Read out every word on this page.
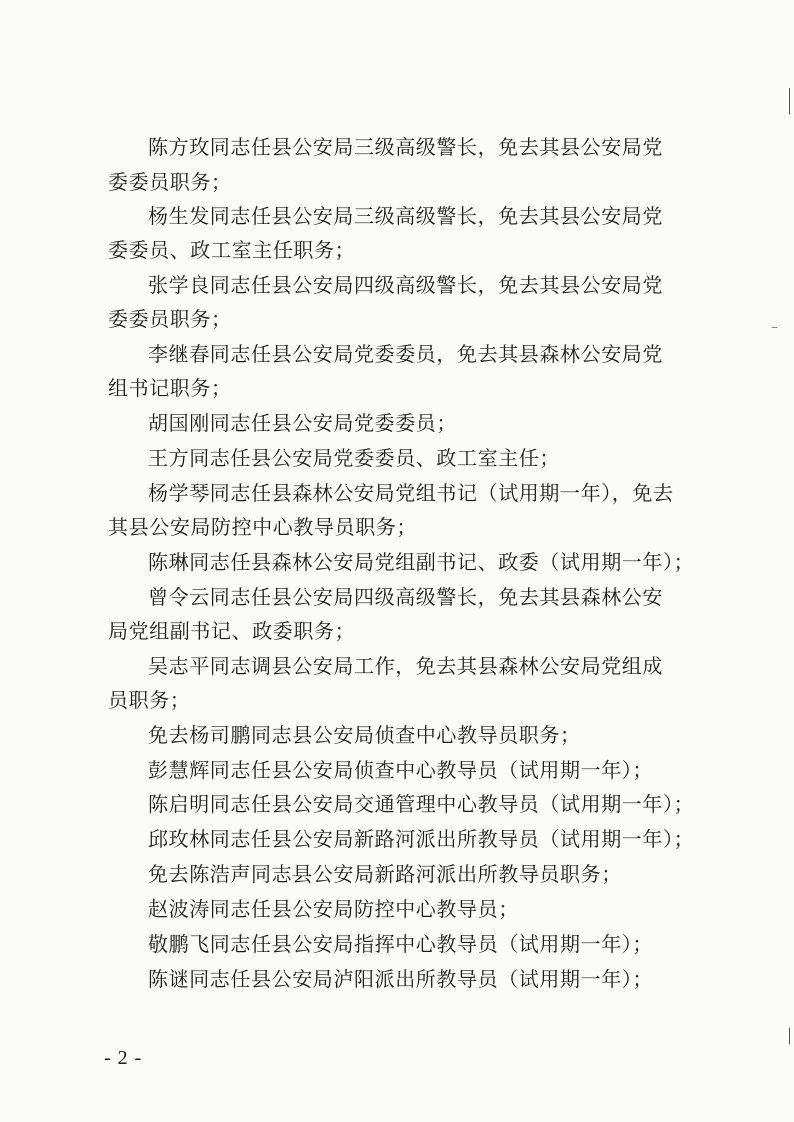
陈方玫同志任县公安局三级高级警长，免去其县公安局党
委委员职务；
杨生发同志任县公安局三级高级警长，免去其县公安局党
委委员、政工室主任职务；
张学良同志任县公安局四级高级警长，免去其县公安局党
委委员职务；
李继春同志任县公安局党委委员，免去其县森林公安局党
组书记职务；
胡国刚同志任县公安局党委委员；
王方同志任县公安局党委委员、政工室主任；
杨学琴同志任县森林公安局党组书记（试用期一年），免去
其县公安局防控中心教导员职务；
陈琳同志任县森林公安局党组副书记、政委（试用期一年）；
曾令云同志任县公安局四级高级警长，免去其县森林公安
局党组副书记、政委职务；
吴志平同志调县公安局工作，免去其县森林公安局党组成
员职务；
免去杨司鹏同志县公安局侦查中心教导员职务；
彭慧辉同志任县公安局侦查中心教导员（试用期一年）；
陈启明同志任县公安局交通管理中心教导员（试用期一年）；
邱玫林同志任县公安局新路河派出所教导员（试用期一年）；
免去陈浩声同志县公安局新路河派出所教导员职务；
赵波涛同志任县公安局防控中心教导员；
敬鹏飞同志任县公安局指挥中心教导员（试用期一年）；
陈谜同志任县公安局泸阳派出所教导员（试用期一年）；
- 2 -
